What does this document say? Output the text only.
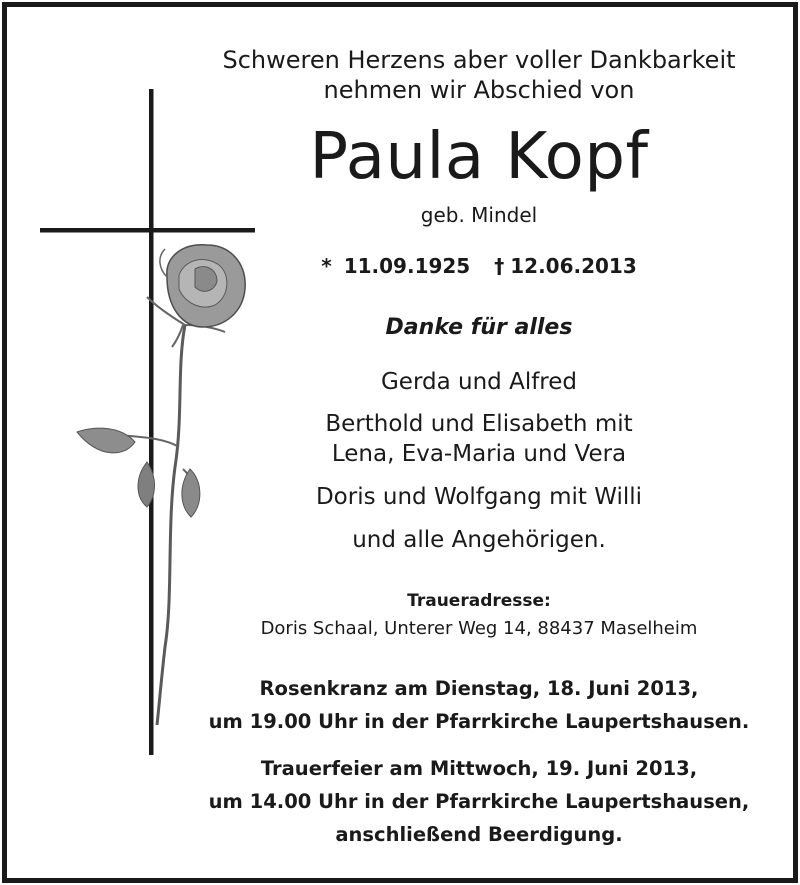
Schweren Herzens aber voller Dankbarkeit
nehmen wir Abschied von
Paula Kopf
geb. Mindel
* 11.09.1925 † 12.06.2013
Danke für alles
Gerda und Alfred
Berthold und Elisabeth mit
Lena, Eva-Maria und Vera
Doris und Wolfgang mit Willi
und alle Angehörigen.
Traueradresse:
Doris Schaal, Unterer Weg 14, 88437 Maselheim
Rosenkranz am Dienstag, 18. Juni 2013,
um 19.00 Uhr in der Pfarrkirche Laupertshausen.
Trauerfeier am Mittwoch, 19. Juni 2013,
um 14.00 Uhr in der Pfarrkirche Laupertshausen,
anschließend Beerdigung.
